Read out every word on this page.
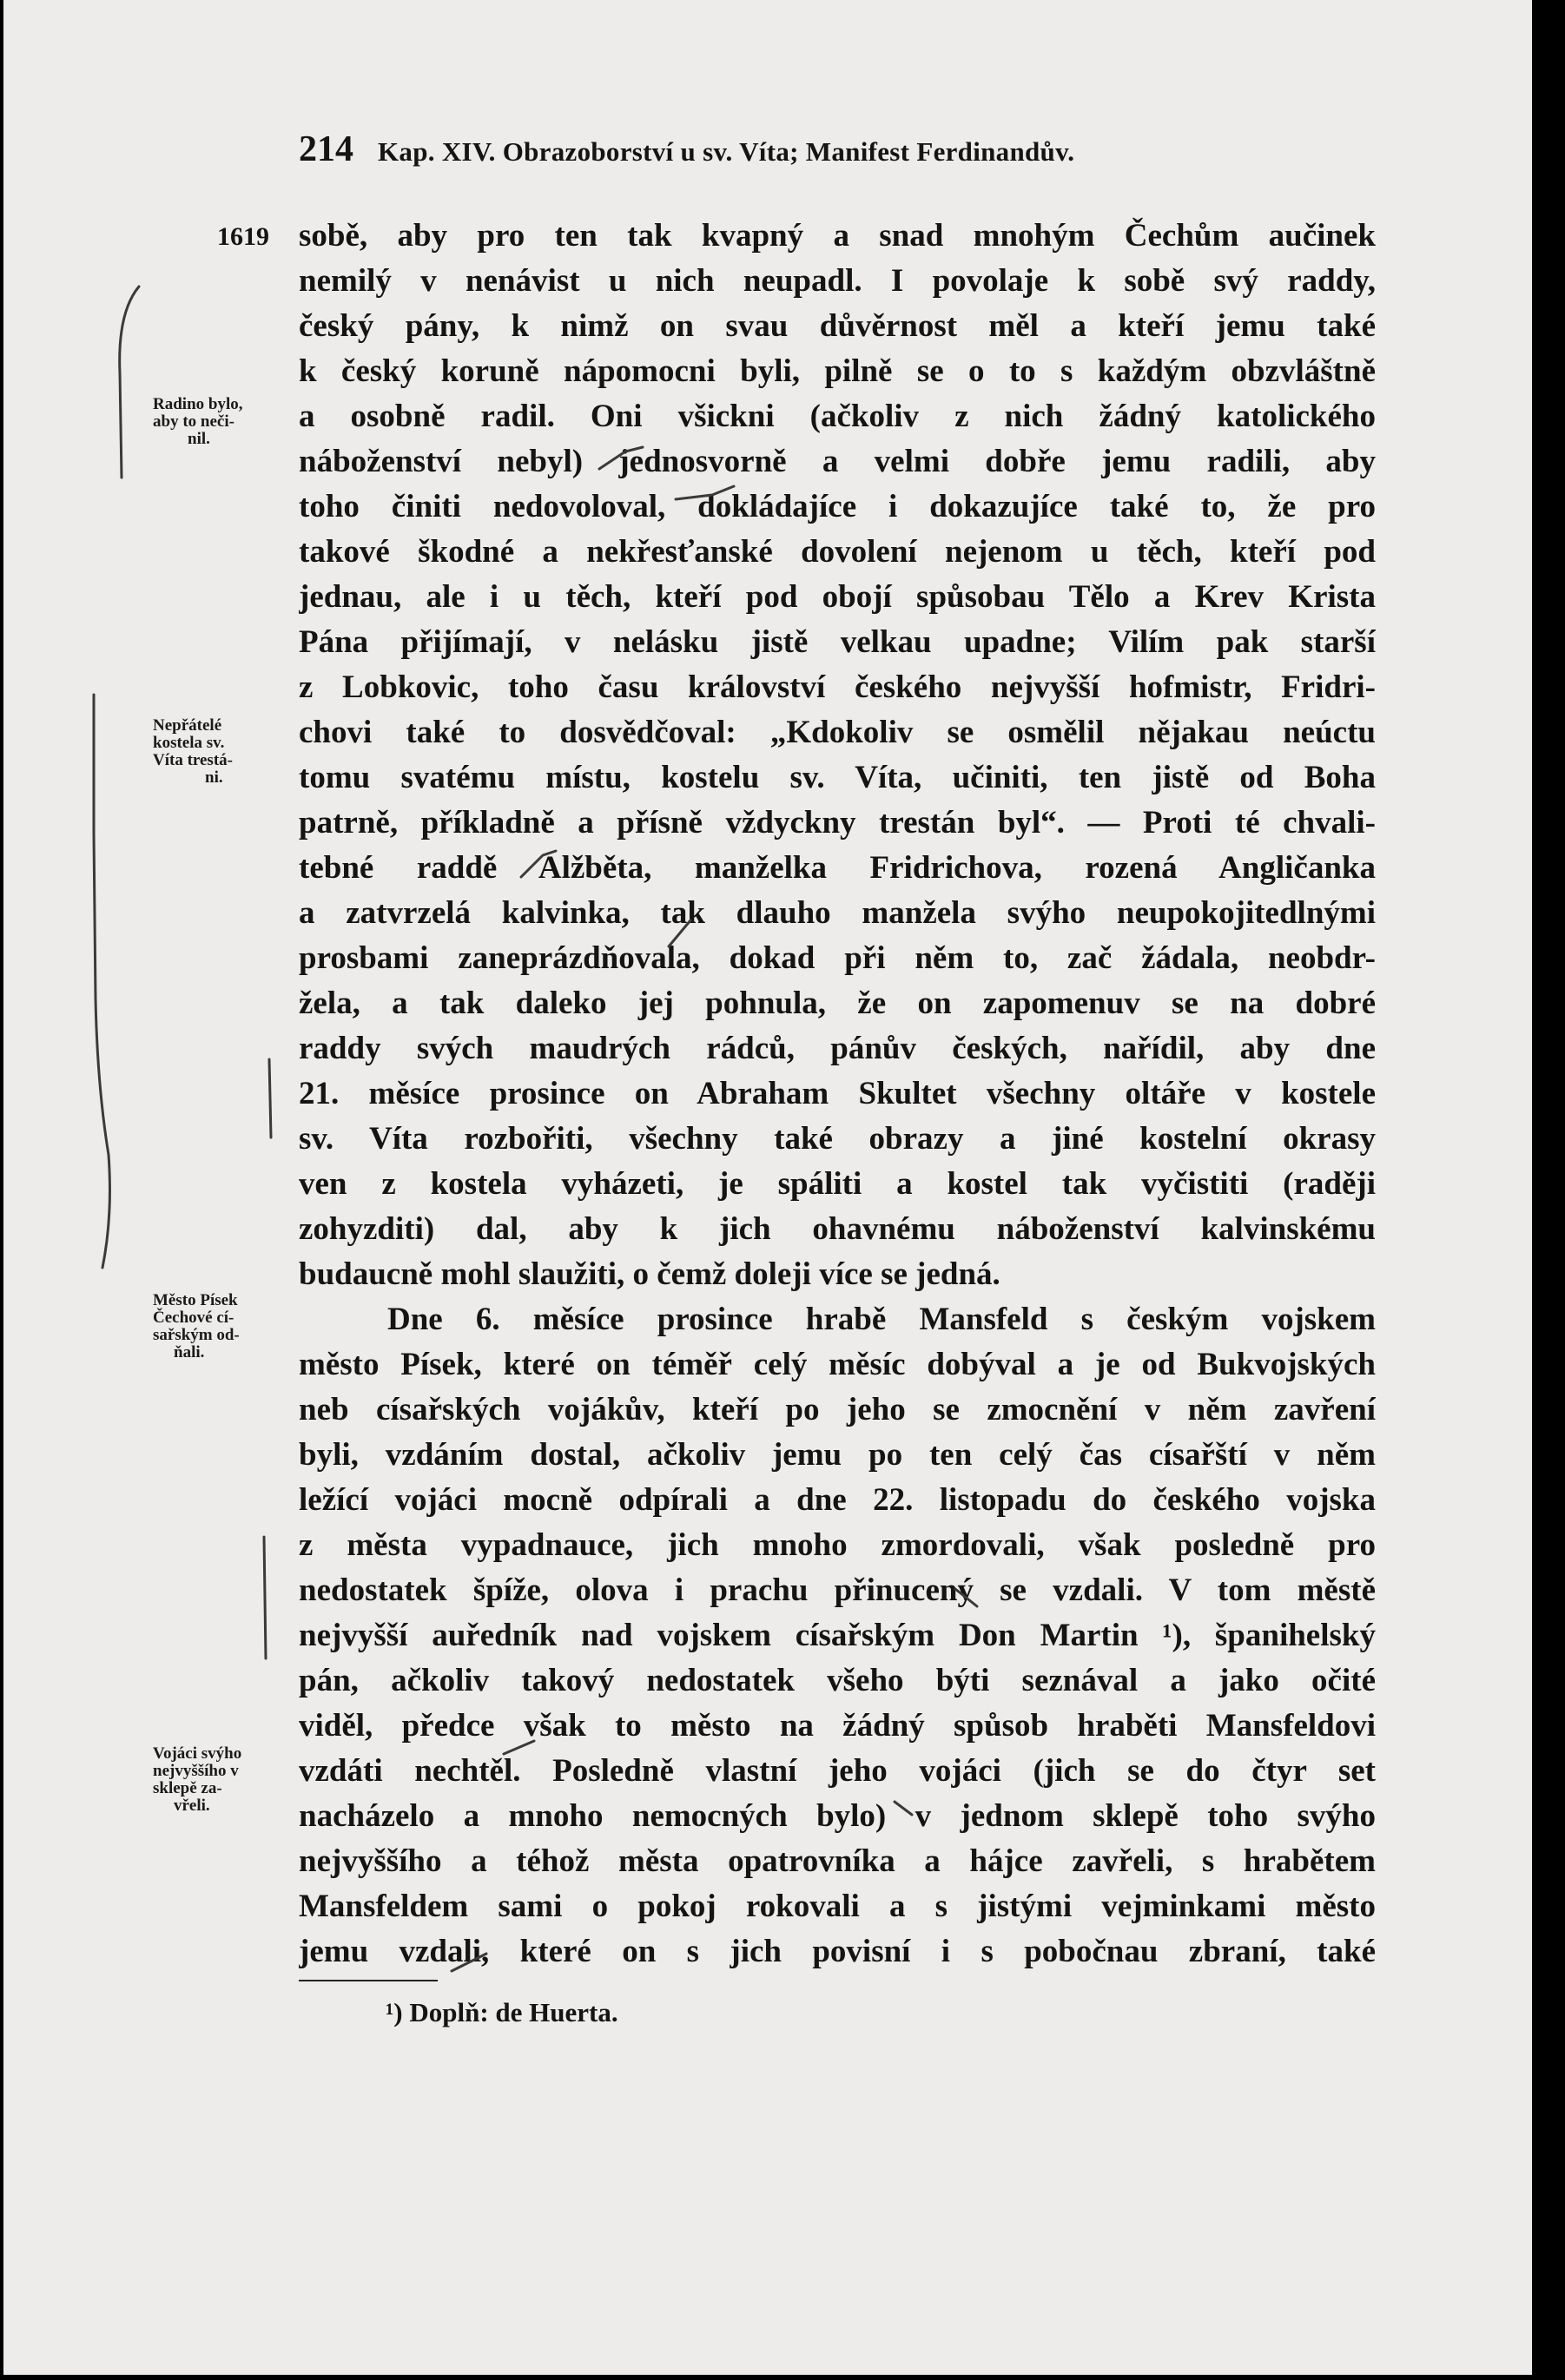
214 Kap. XIV. Obrazoborství u sv. Víta; Manifest Ferdinandův.
1619
Radino bylo,
aby to neči-
nil.
Nepřátelé
kostela sv.
Víta trestá-
ni.
Město Písek
Čechové cí-
sařským od-
ňali.
Vojáci svýho
nejvyššího v
sklepě za-
vřeli.
sobě, aby pro ten tak kvapný a snad mnohým Čechům aučinek
nemilý v nenávist u nich neupadl. I povolaje k sobě svý raddy,
český pány, k nimž on svau důvěrnost měl a kteří jemu také
k český koruně nápomocni byli, pilně se o to s každým obzvláštně
a osobně radil. Oni všickni (ačkoliv z nich žádný katolického
náboženství nebyl) jednosvorně a velmi dobře jemu radili, aby
toho činiti nedovoloval, dokládajíce i dokazujíce také to, že pro
takové škodné a nekřesťanské dovolení nejenom u těch, kteří pod
jednau, ale i u těch, kteří pod obojí spůsobau Tělo a Krev Krista
Pána přijímají, v nelásku jistě velkau upadne; Vilím pak starší
z Lobkovic, toho času království českého nejvyšší hofmistr, Fridri-
chovi také to dosvědčoval: „Kdokoliv se osmělil nějakau neúctu
tomu svatému místu, kostelu sv. Víta, učiniti, ten jistě od Boha
patrně, příkladně a přísně vždyckny trestán byl“. — Proti té chvali-
tebné raddě Alžběta, manželka Fridrichova, rozená Angličanka
a zatvrzelá kalvinka, tak dlauho manžela svýho neupokojitedlnými
prosbami zaneprázdňovala, dokad při něm to, zač žádala, neobdr-
žela, a tak daleko jej pohnula, že on zapomenuv se na dobré
raddy svých maudrých rádců, pánův českých, nařídil, aby dne
21. měsíce prosince on Abraham Skultet všechny oltáře v kostele
sv. Víta rozbořiti, všechny také obrazy a jiné kostelní okrasy
ven z kostela vyházeti, je spáliti a kostel tak vyčistiti (raději
zohyzditi) dal, aby k jich ohavnému náboženství kalvinskému
budaucně mohl slaužiti, o čemž doleji více se jedná.
Dne 6. měsíce prosince hrabě Mansfeld s českým vojskem
město Písek, které on téměř celý měsíc dobýval a je od Bukvojských
neb císařských vojákův, kteří po jeho se zmocnění v něm zavření
byli, vzdáním dostal, ačkoliv jemu po ten celý čas císařští v něm
ležící vojáci mocně odpírali a dne 22. listopadu do českého vojska
z města vypadnauce, jich mnoho zmordovali, však posledně pro
nedostatek špíže, olova i prachu přinucený se vzdali. V tom městě
nejvyšší auředník nad vojskem císařským Don Martin ¹), španihelský
pán, ačkoliv takový nedostatek všeho býti seznával a jako očité
viděl, předce však to město na žádný spůsob hraběti Mansfeldovi
vzdáti nechtěl. Posledně vlastní jeho vojáci (jich se do čtyr set
nacházelo a mnoho nemocných bylo) v jednom sklepě toho svýho
nejvyššího a téhož města opatrovníka a hájce zavřeli, s hrabětem
Mansfeldem sami o pokoj rokovali a s jistými vejminkami město
jemu vzdali, které on s jich povisní i s pobočnau zbraní, také
¹) Doplň: de Huerta.
